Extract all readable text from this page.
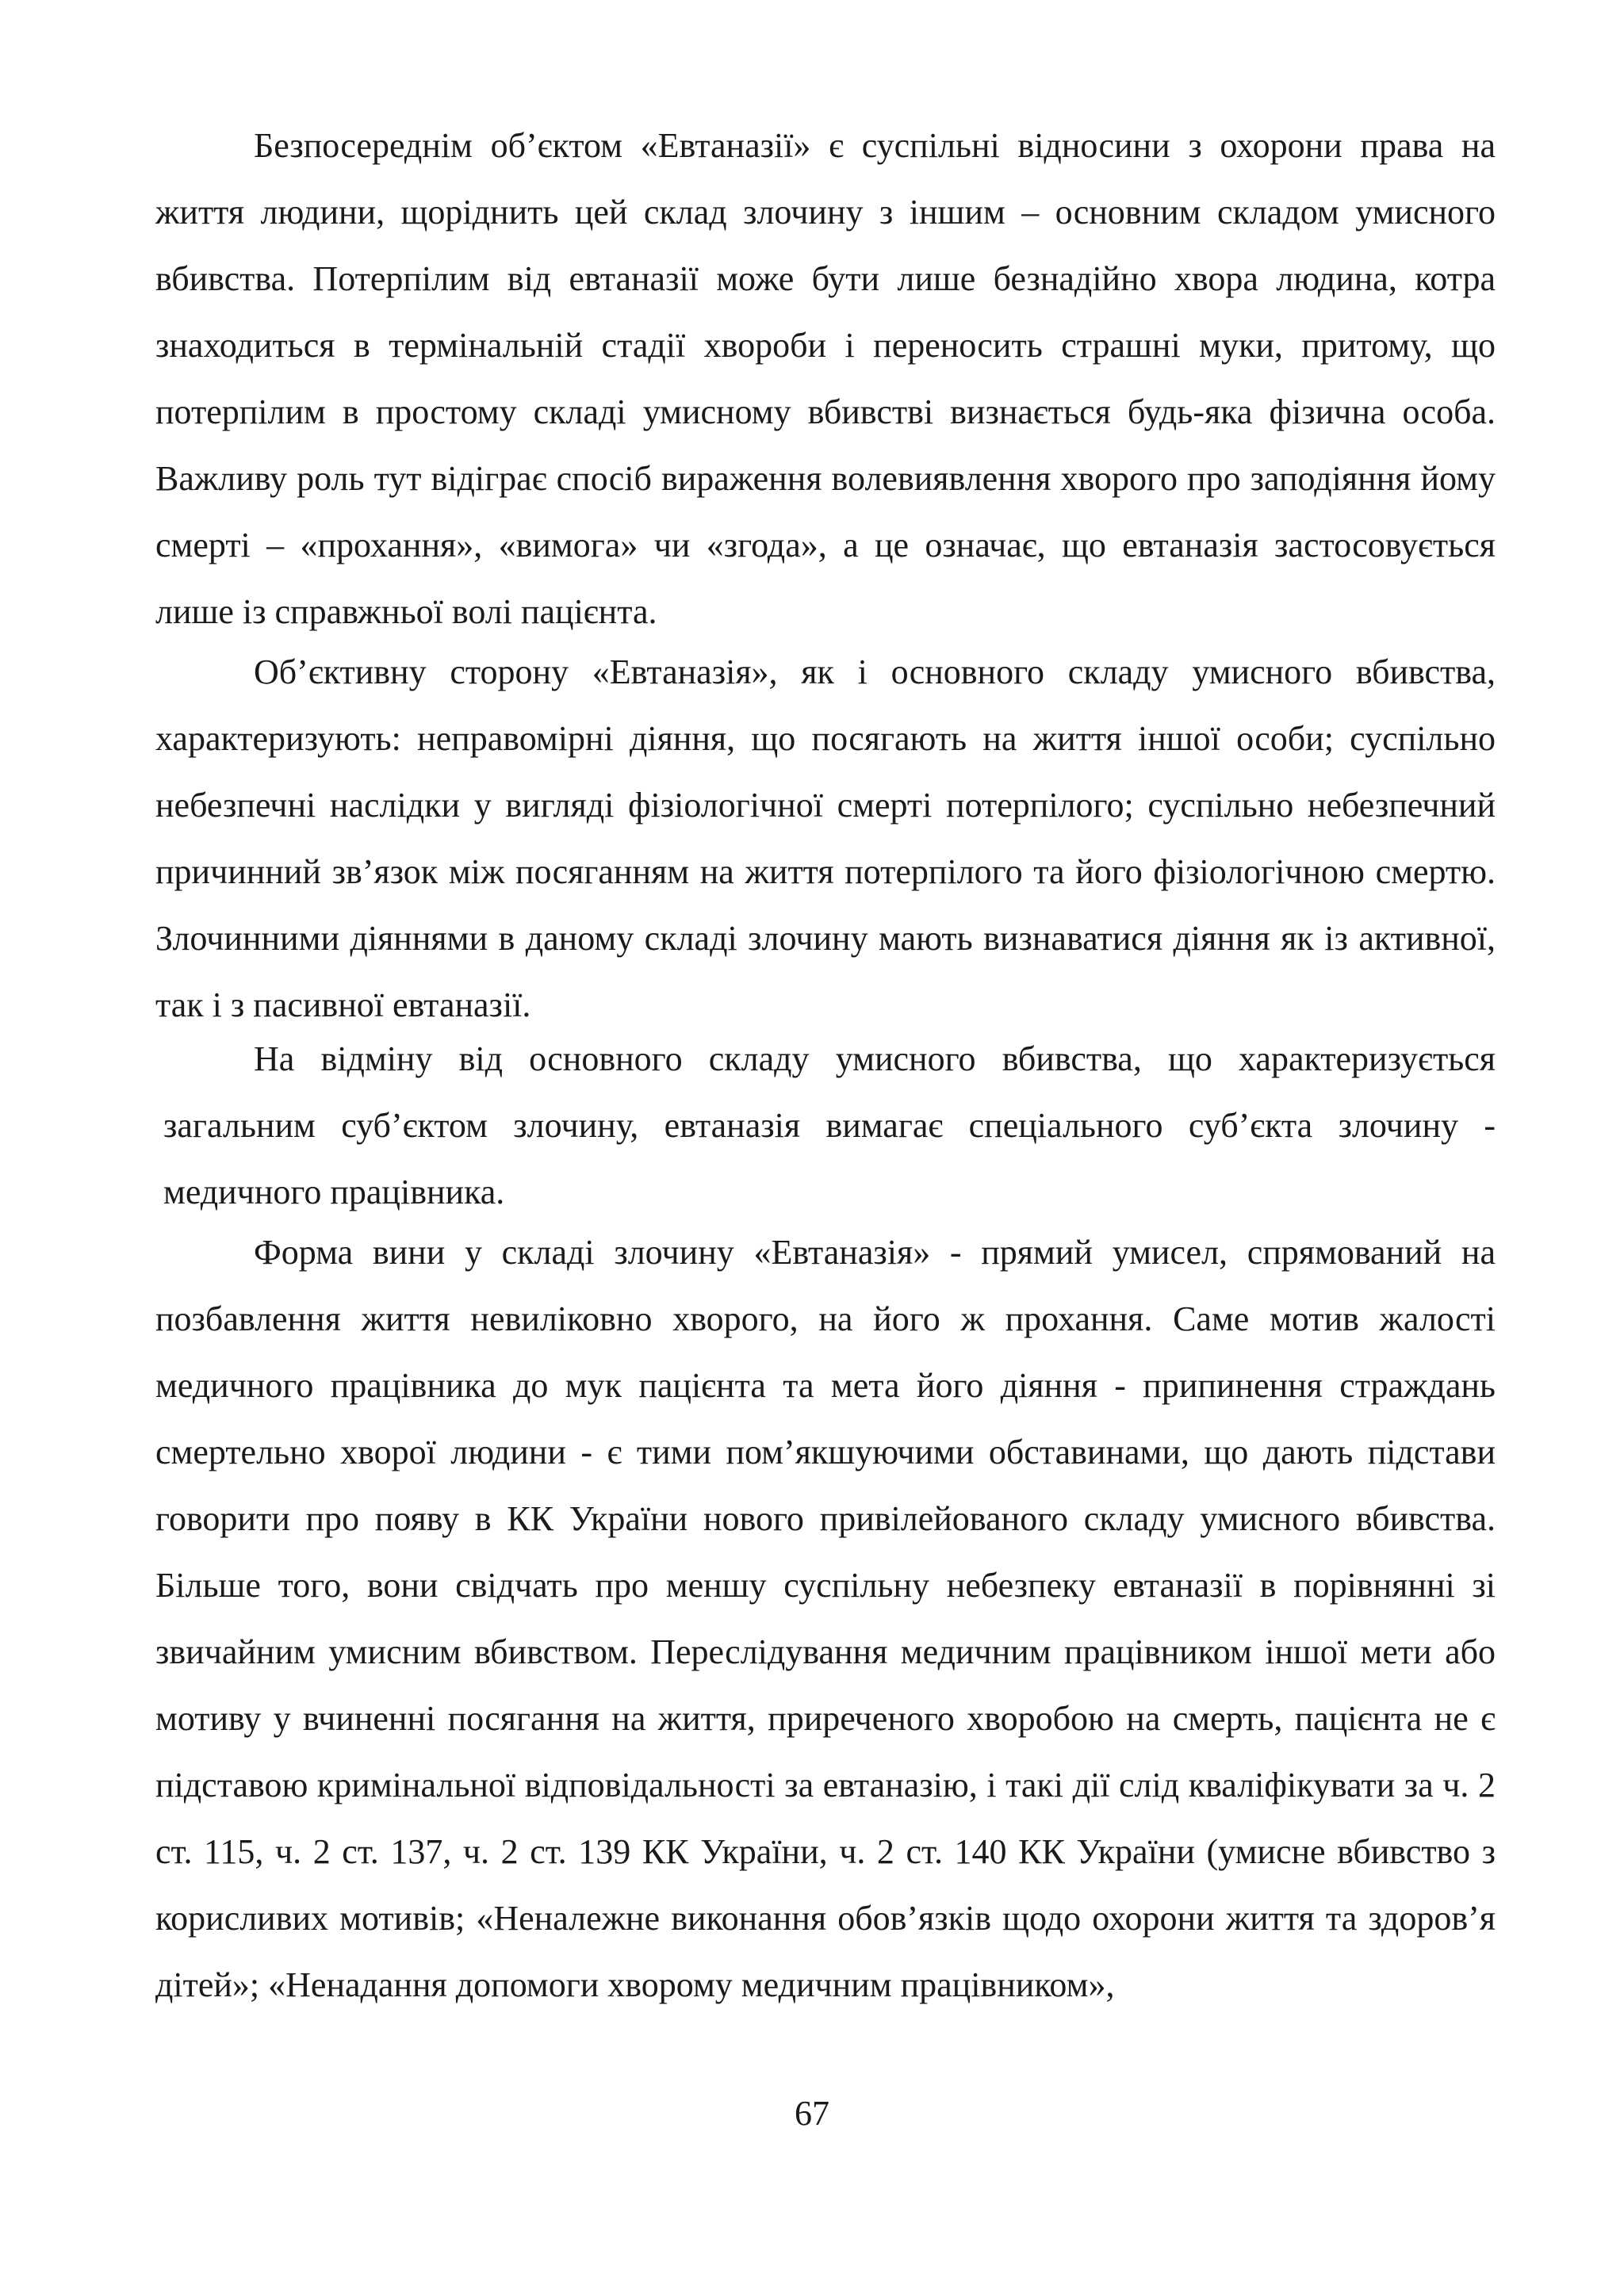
Безпосереднім об’єктом «Евтаназії» є суспільні відносини з охорони права на життя людини, щоріднить цей склад злочину з іншим – основним складом умисного вбивства. Потерпілим від евтаназії може бути лише безнадійно хвора людина, котра знаходиться в термінальній стадії хвороби і переносить страшні муки, притому, що потерпілим в простому складі умисному вбивстві визнається будь-яка фізична особа. Важливу роль тут відіграє спосіб вираження волевиявлення хворого про заподіяння йому смерті – «прохання», «вимога» чи «згода», а це означає, що евтаназія застосовується лише із справжньої волі пацієнта.

Об’єктивну сторону «Евтаназія», як і основного складу умисного вбивства, характеризують: неправомірні діяння, що посягають на життя іншої особи; суспільно небезпечні наслідки у вигляді фізіологічної смерті потерпілого; суспільно небезпечний причинний зв’язок між посяганням на життя потерпілого та його фізіологічною смертю. Злочинними діяннями в даному складі злочину мають визнаватися діяння як із активної, так і з пасивної евтаназії.

На відміну від основного складу умисного вбивства, що характеризується загальним суб’єктом злочину, евтаназія вимагає спеціального суб’єкта злочину - медичного працівника.

Форма вини у складі злочину «Евтаназія» - прямий умисел, спрямований на позбавлення життя невиліковно хворого, на його ж прохання. Саме мотив жалості медичного працівника до мук пацієнта та мета його діяння - припинення страждань смертельно хворої людини - є тими пом’якшуючими обставинами, що дають підстави говорити про появу в КК України нового привілейованого складу умисного вбивства. Більше того, вони свідчать про меншу суспільну небезпеку евтаназії в порівнянні зі звичайним умисним вбивством. Переслідування медичним працівником іншої мети або мотиву у вчиненні посягання на життя, приреченого хворобою на смерть, пацієнта не є підставою кримінальної відповідальності за евтаназію, і такі дії слід кваліфікувати за ч. 2 ст. 115, ч. 2 ст. 137, ч. 2 ст. 139 КК України, ч. 2 ст. 140 КК України (умисне вбивство з корисливих мотивів; «Неналежне виконання обов’язків щодо охорони життя та здоров’я дітей»; «Ненадання допомоги хворому медичним працівником»,

67
